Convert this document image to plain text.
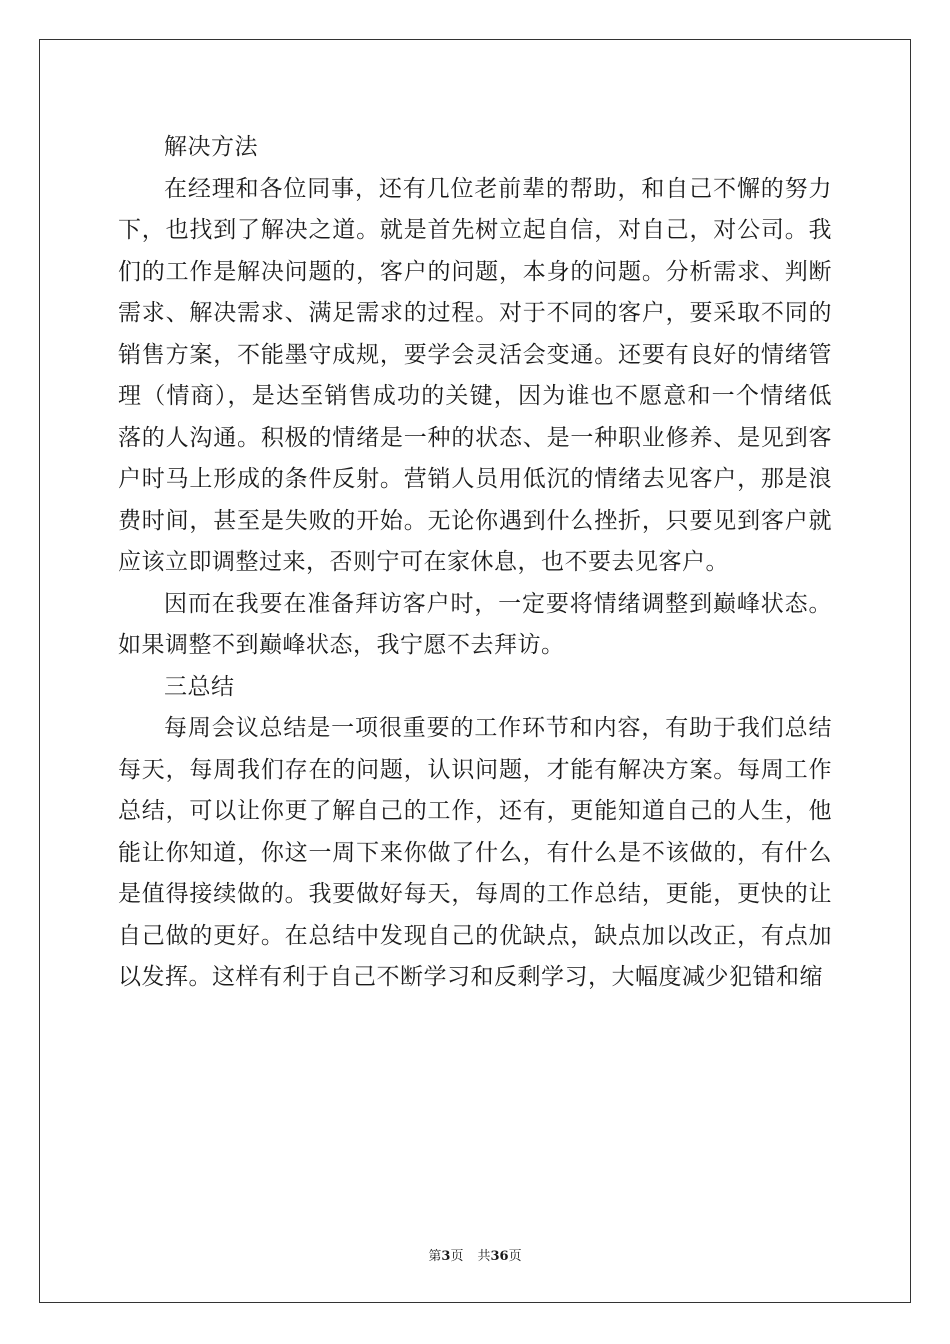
解决方法

在经理和各位同事，还有几位老前辈的帮助，和自己不懈的努力下，也找到了解决之道。就是首先树立起自信，对自己，对公司。我们的工作是解决问题的，客户的问题，本身的问题。分析需求、判断需求、解决需求、满足需求的过程。对于不同的客户，要采取不同的销售方案，不能墨守成规，要学会灵活会变通。还要有良好的情绪管理（情商），是达至销售成功的关键，因为谁也不愿意和一个情绪低落的人沟通。积极的情绪是一种的状态、是一种职业修养、是见到客户时马上形成的条件反射。营销人员用低沉的情绪去见客户，那是浪费时间，甚至是失败的开始。无论你遇到什么挫折，只要见到客户就应该立即调整过来，否则宁可在家休息，也不要去见客户。

因而在我要在准备拜访客户时，一定要将情绪调整到巅峰状态。如果调整不到巅峰状态，我宁愿不去拜访。

三总结

每周会议总结是一项很重要的工作环节和内容，有助于我们总结每天，每周我们存在的问题，认识问题，才能有解决方案。每周工作总结，可以让你更了解自己的工作，还有，更能知道自己的人生，他能让你知道，你这一周下来你做了什么，有什么是不该做的，有什么是值得接续做的。我要做好每天，每周的工作总结，更能，更快的让自己做的更好。在总结中发现自己的优缺点，缺点加以改正，有点加以发挥。这样有利于自己不断学习和反剩学习，大幅度减少犯错和缩

第3页 共36页
